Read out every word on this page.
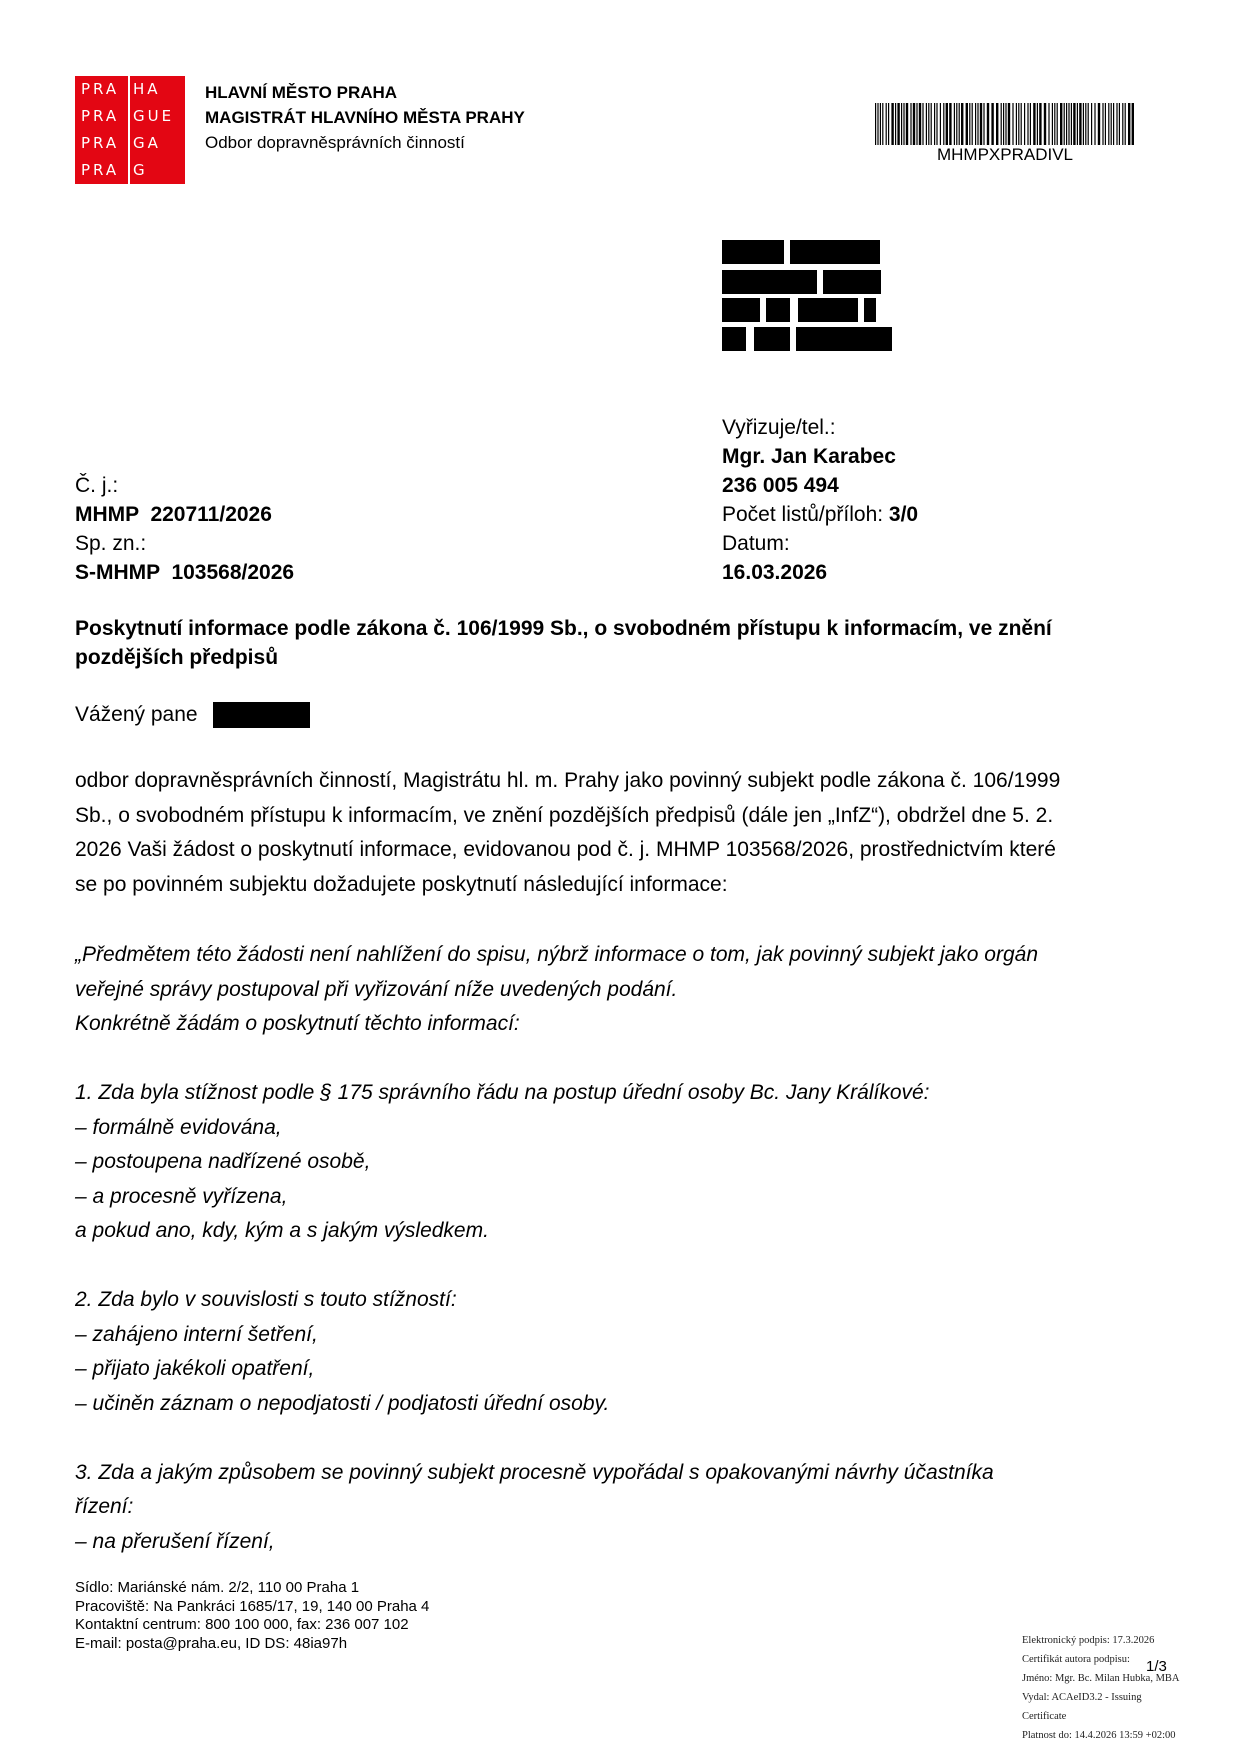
PRA HA
PRA GUE
PRA GA
PRA G
HLAVNÍ MĚSTO PRAHA
MAGISTRÁT HLAVNÍHO MĚSTA PRAHY
Odbor dopravněsprávních činností
MHMPXPRADIVL
Vyřizuje/tel.:
Mgr. Jan Karabec
236 005 494
Počet listů/příloh: 3/0
Datum:
16.03.2026
Č. j.:
MHMP  220711/2026
Sp. zn.:
S-MHMP  103568/2026
Poskytnutí informace podle zákona č. 106/1999 Sb., o svobodném přístupu k informacím, ve znění pozdějších předpisů
Vážený pane
odbor dopravněsprávních činností, Magistrátu hl. m. Prahy jako povinný subjekt podle zákona č. 106/1999
Sb., o svobodném přístupu k informacím, ve znění pozdějších předpisů (dále jen „InfZ“), obdržel dne 5. 2.
2026 Vaši žádost o poskytnutí informace, evidovanou pod č. j. MHMP 103568/2026, prostřednictvím které
se po povinném subjektu dožadujete poskytnutí následující informace:
„Předmětem této žádosti není nahlížení do spisu, nýbrž informace o tom, jak povinný subjekt jako orgán
veřejné správy postupoval při vyřizování níže uvedených podání.
Konkrétně žádám o poskytnutí těchto informací:

1. Zda byla stížnost podle § 175 správního řádu na postup úřední osoby Bc. Jany Králíkové:
– formálně evidována,
– postoupena nadřízené osobě,
– a procesně vyřízena,
a pokud ano, kdy, kým a s jakým výsledkem.

2. Zda bylo v souvislosti s touto stížností:
– zahájeno interní šetření,
– přijato jakékoli opatření,
– učiněn záznam o nepodjatosti / podjatosti úřední osoby.

3. Zda a jakým způsobem se povinný subjekt procesně vypořádal s opakovanými návrhy účastníka
řízení:
– na přerušení řízení,
Sídlo: Mariánské nám. 2/2, 110 00 Praha 1
Pracoviště: Na Pankráci 1685/17, 19, 140 00 Praha 4
Kontaktní centrum: 800 100 000, fax: 236 007 102
E-mail: posta@praha.eu, ID DS: 48ia97h	Elektronický podpis: 17.3.2026
Certifikát autora podpisu:
Jméno: Mgr. Bc. Milan Hubka, MBA
Vydal: ACAeID3.2 - Issuing Certificate
Platnost do: 14.4.2026 13:59 +02:00
1/3
